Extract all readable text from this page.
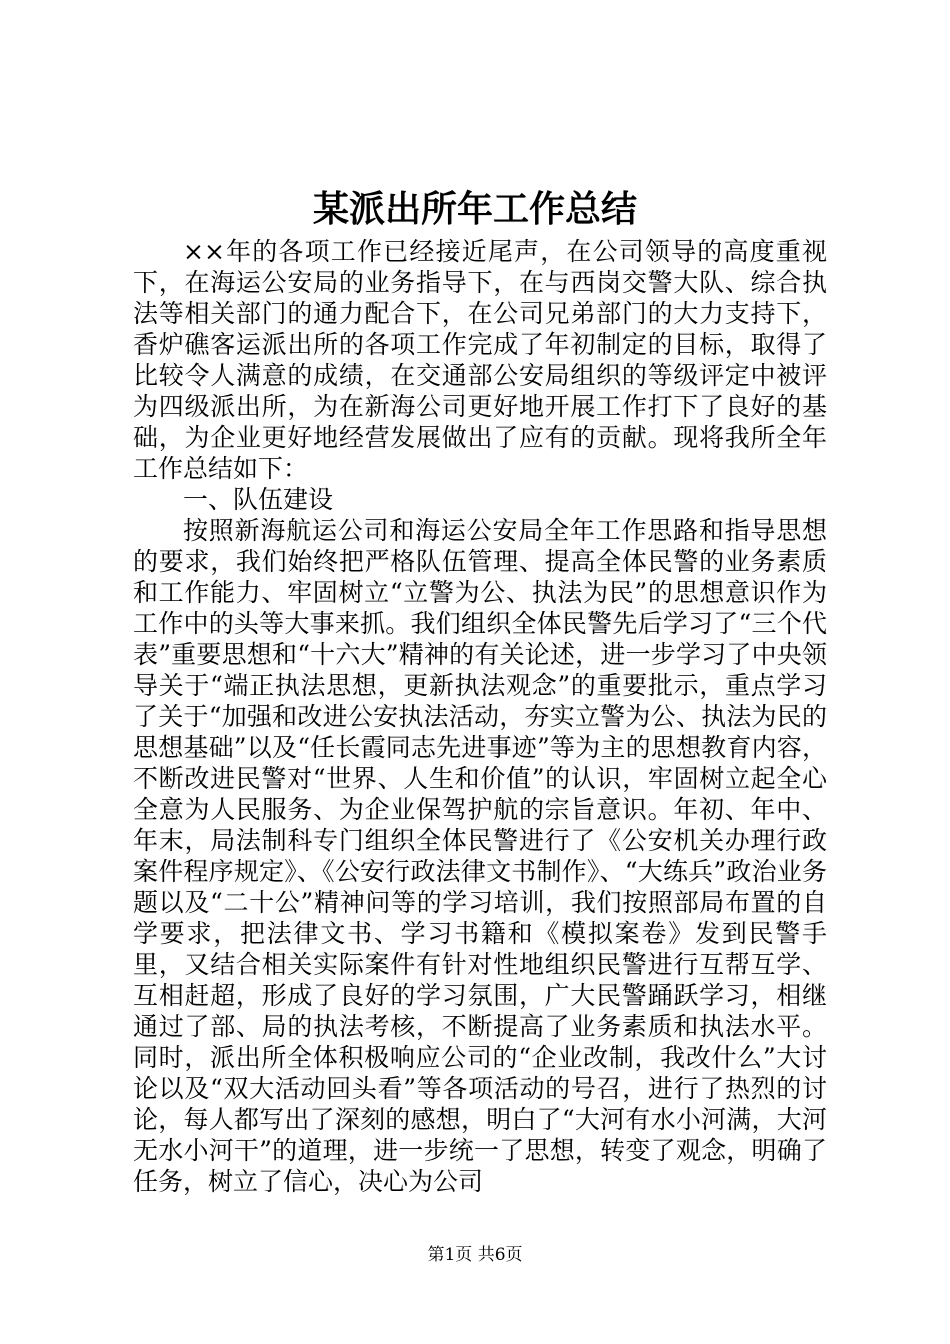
某派出所年工作总结

××年的各项工作已经接近尾声，在公司领导的高度重视下，在海运公安局的业务指导下，在与西岗交警大队、综合执法等相关部门的通力配合下，在公司兄弟部门的大力支持下，香炉礁客运派出所的各项工作完成了年初制定的目标，取得了比较令人满意的成绩，在交通部公安局组织的等级评定中被评为四级派出所，为在新海公司更好地开展工作打下了良好的基础，为企业更好地经营发展做出了应有的贡献。现将我所全年工作总结如下：

一、队伍建设

按照新海航运公司和海运公安局全年工作思路和指导思想的要求，我们始终把严格队伍管理、提高全体民警的业务素质和工作能力、牢固树立“立警为公、执法为民”的思想意识作为工作中的头等大事来抓。我们组织全体民警先后学习了“三个代表”重要思想和“十六大”精神的有关论述，进一步学习了中央领导关于“端正执法思想，更新执法观念”的重要批示，重点学习了关于“加强和改进公安执法活动，夯实立警为公、执法为民的思想基础”以及“任长霞同志先进事迹”等为主的思想教育内容，不断改进民警对“世界、人生和价值”的认识，牢固树立起全心全意为人民服务、为企业保驾护航的宗旨意识。年初、年中、年末，局法制科专门组织全体民警进行了《公安机关办理行政案件程序规定》、《公安行政法律文书制作》、“大练兵”政治业务题以及“二十公”精神问等的学习培训，我们按照部局布置的自学要求，把法律文书、学习书籍和《模拟案卷》发到民警手里，又结合相关实际案件有针对性地组织民警进行互帮互学、互相赶超，形成了良好的学习氛围，广大民警踊跃学习，相继通过了部、局的执法考核，不断提高了业务素质和执法水平。同时，派出所全体积极响应公司的“企业改制，我改什么”大讨论以及“双大活动回头看”等各项活动的号召，进行了热烈的讨论，每人都写出了深刻的感想，明白了“大河有水小河满，大河无水小河干”的道理，进一步统一了思想，转变了观念，明确了任务，树立了信心，决心为公司

第1页 共6页
